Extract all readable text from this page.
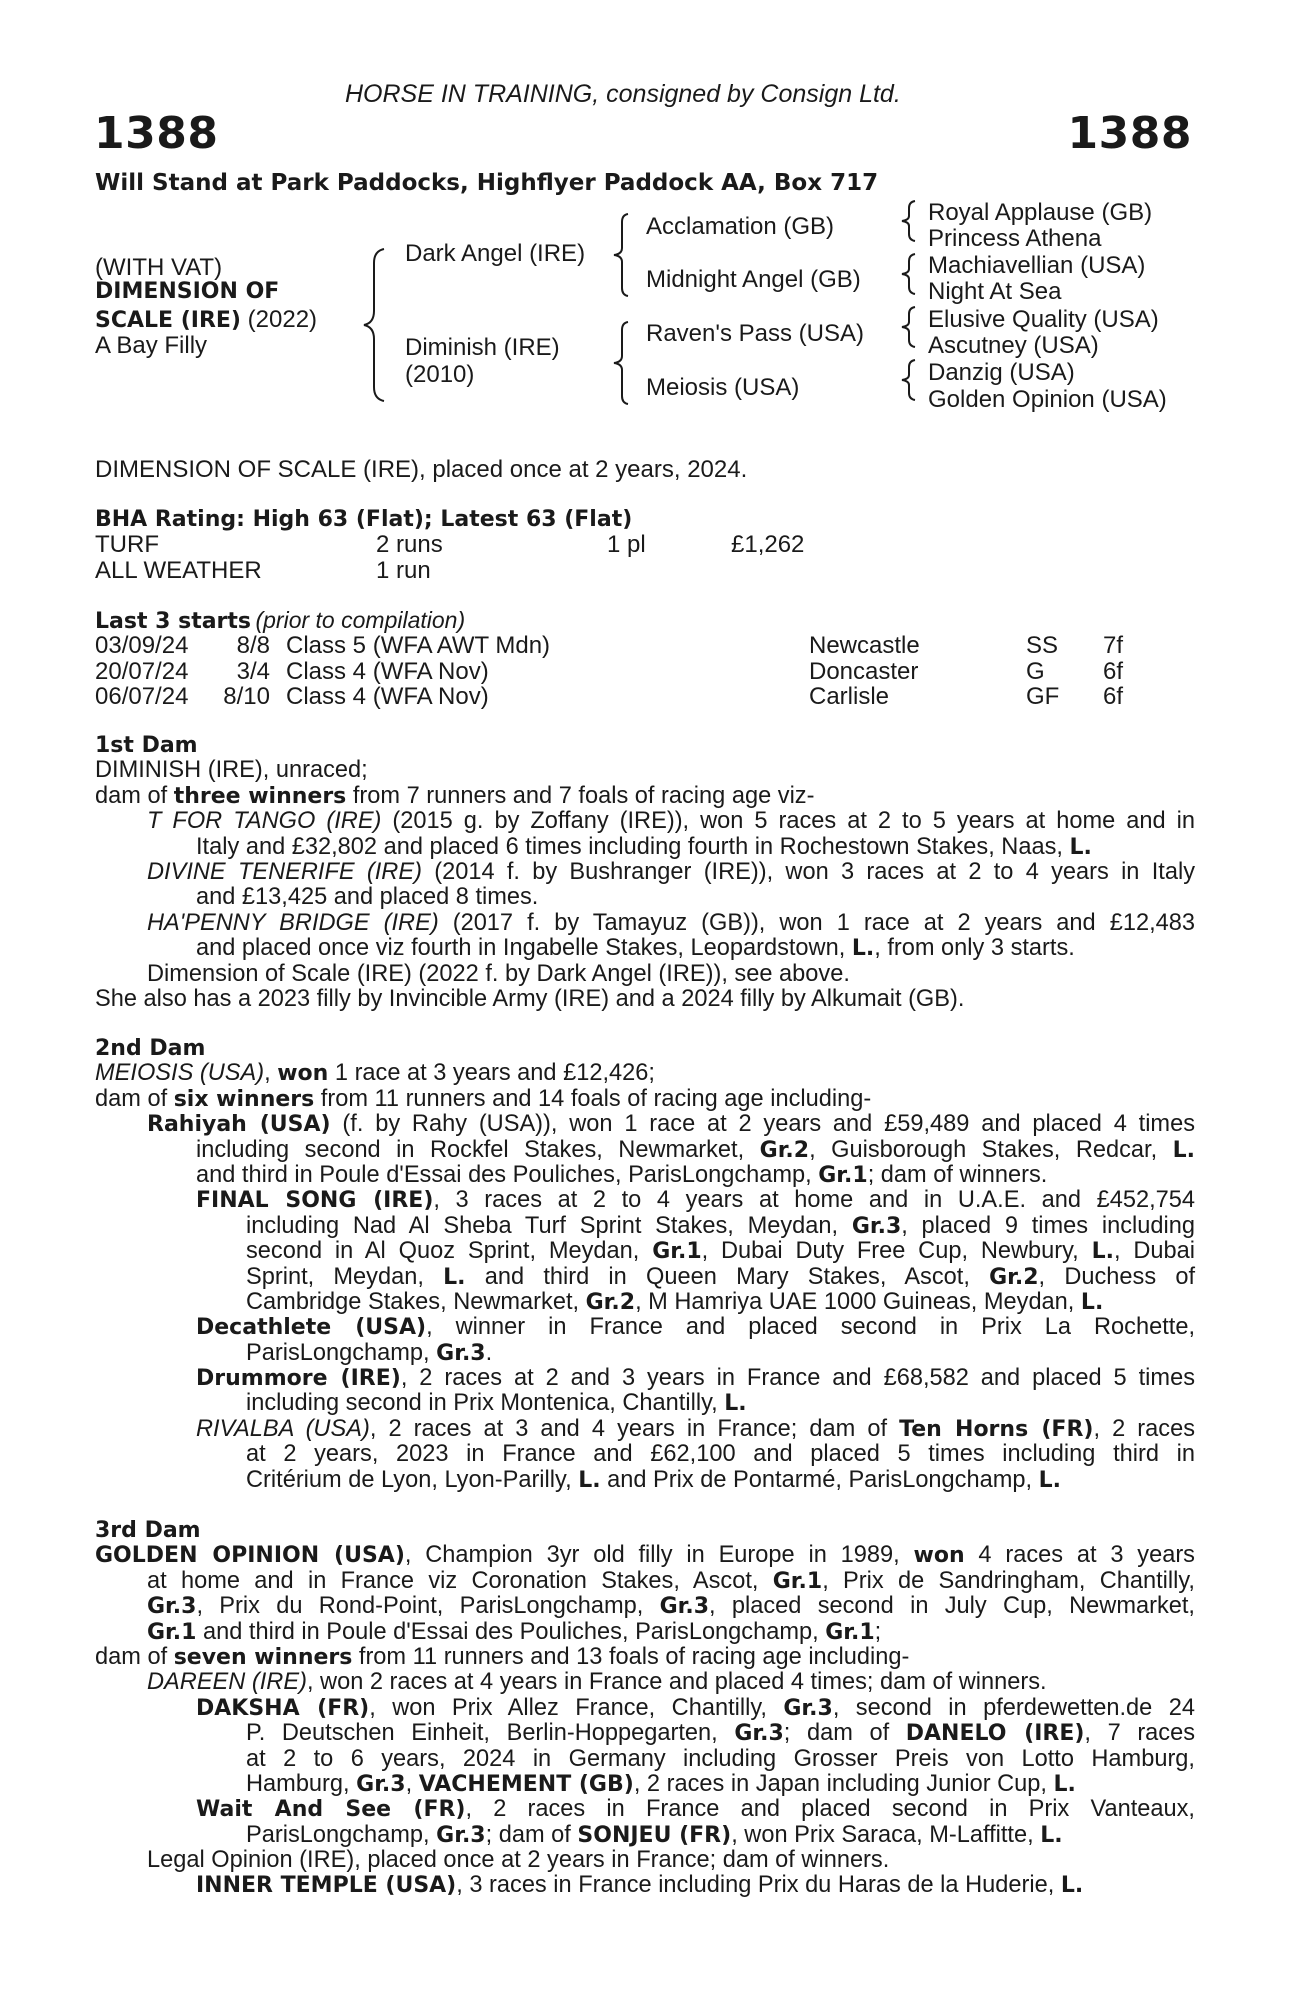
HORSE IN TRAINING, consigned by Consign Ltd.
1388	1388
Will Stand at Park Paddocks, Highflyer Paddock AA, Box 717
(WITH VAT)
DIMENSION OF
SCALE (IRE) (2022)
A Bay Filly
Dark Angel (IRE)
Diminish (IRE)
(2010)
Acclamation (GB)
Midnight Angel (GB)
Raven's Pass (USA)
Meiosis (USA)
Royal Applause (GB)
Princess Athena
Machiavellian (USA)
Night At Sea
Elusive Quality (USA)
Ascutney (USA)
Danzig (USA)
Golden Opinion (USA)
DIMENSION OF SCALE (IRE), placed once at 2 years, 2024.
BHA Rating: High 63 (Flat); Latest 63 (Flat)
TURF	2 runs	1 pl	£1,262
ALL WEATHER	1 run
Last 3 starts (prior to compilation)
03/09/24 8/8 Class 5 (WFA AWT Mdn)	Newcastle	SS 7f
20/07/24 3/4 Class 4 (WFA Nov)	Doncaster	G 6f
06/07/24 8/10 Class 4 (WFA Nov)	Carlisle	GF 6f
1st Dam
DIMINISH (IRE), unraced;
dam of three winners from 7 runners and 7 foals of racing age viz-
T FOR TANGO (IRE) (2015 g. by Zoffany (IRE)), won 5 races at 2 to 5 years at home and in
Italy and £32,802 and placed 6 times including fourth in Rochestown Stakes, Naas, L.
DIVINE TENERIFE (IRE) (2014 f. by Bushranger (IRE)), won 3 races at 2 to 4 years in Italy
and £13,425 and placed 8 times.
HA'PENNY BRIDGE (IRE) (2017 f. by Tamayuz (GB)), won 1 race at 2 years and £12,483
and placed once viz fourth in Ingabelle Stakes, Leopardstown, L., from only 3 starts.
Dimension of Scale (IRE) (2022 f. by Dark Angel (IRE)), see above.
She also has a 2023 filly by Invincible Army (IRE) and a 2024 filly by Alkumait (GB).
2nd Dam
MEIOSIS (USA), won 1 race at 3 years and £12,426;
dam of six winners from 11 runners and 14 foals of racing age including-
Rahiyah (USA) (f. by Rahy (USA)), won 1 race at 2 years and £59,489 and placed 4 times
including second in Rockfel Stakes, Newmarket, Gr.2, Guisborough Stakes, Redcar, L.
and third in Poule d'Essai des Pouliches, ParisLongchamp, Gr.1; dam of winners.
FINAL SONG (IRE), 3 races at 2 to 4 years at home and in U.A.E. and £452,754
including Nad Al Sheba Turf Sprint Stakes, Meydan, Gr.3, placed 9 times including
second in Al Quoz Sprint, Meydan, Gr.1, Dubai Duty Free Cup, Newbury, L., Dubai
Sprint, Meydan, L. and third in Queen Mary Stakes, Ascot, Gr.2, Duchess of
Cambridge Stakes, Newmarket, Gr.2, M Hamriya UAE 1000 Guineas, Meydan, L.
Decathlete (USA), winner in France and placed second in Prix La Rochette,
ParisLongchamp, Gr.3.
Drummore (IRE), 2 races at 2 and 3 years in France and £68,582 and placed 5 times
including second in Prix Montenica, Chantilly, L.
RIVALBA (USA), 2 races at 3 and 4 years in France; dam of Ten Horns (FR), 2 races
at 2 years, 2023 in France and £62,100 and placed 5 times including third in
Critérium de Lyon, Lyon-Parilly, L. and Prix de Pontarmé, ParisLongchamp, L.
3rd Dam
GOLDEN OPINION (USA), Champion 3yr old filly in Europe in 1989, won 4 races at 3 years
at home and in France viz Coronation Stakes, Ascot, Gr.1, Prix de Sandringham, Chantilly,
Gr.3, Prix du Rond-Point, ParisLongchamp, Gr.3, placed second in July Cup, Newmarket,
Gr.1 and third in Poule d'Essai des Pouliches, ParisLongchamp, Gr.1;
dam of seven winners from 11 runners and 13 foals of racing age including-
DAREEN (IRE), won 2 races at 4 years in France and placed 4 times; dam of winners.
DAKSHA (FR), won Prix Allez France, Chantilly, Gr.3, second in pferdewetten.de 24
P. Deutschen Einheit, Berlin-Hoppegarten, Gr.3; dam of DANELO (IRE), 7 races
at 2 to 6 years, 2024 in Germany including Grosser Preis von Lotto Hamburg,
Hamburg, Gr.3, VACHEMENT (GB), 2 races in Japan including Junior Cup, L.
Wait And See (FR), 2 races in France and placed second in Prix Vanteaux,
ParisLongchamp, Gr.3; dam of SONJEU (FR), won Prix Saraca, M-Laffitte, L.
Legal Opinion (IRE), placed once at 2 years in France; dam of winners.
INNER TEMPLE (USA), 3 races in France including Prix du Haras de la Huderie, L.
